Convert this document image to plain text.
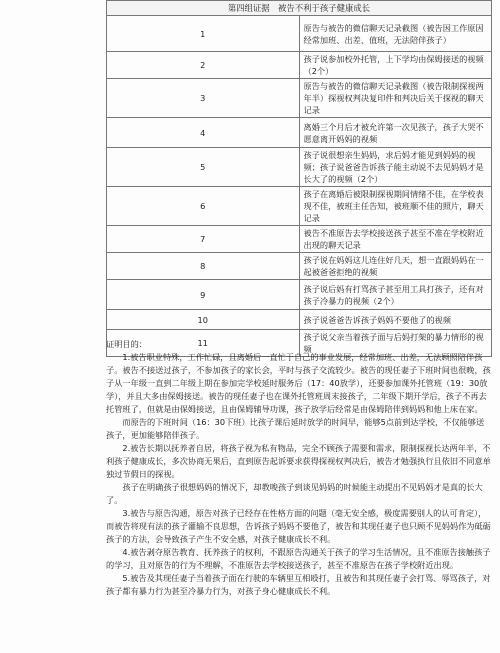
第四组证据　被告不利于孩子健康成长	
1	原告与被告的微信聊天记录截图（被告因工作原因经常加班、出差、值班，无法陪伴孩子）
2	孩子说参加校外托管，上下学均由保姆接送的视频（2个）
3	原告与被告的微信聊天记录截图（被告限制探视两年半）探视权判决复印件和判决后关于探视的聊天记录
4	离婚三个月后才被允许第一次见孩子，孩子大哭不愿意离开妈妈的视频
5	孩子说很想亲生妈妈，求后妈才能见到妈妈的视频；孩子说爸爸告诉孩子能主动说不去见妈妈才是长大了的视频（2个）
6	孩子在离婚后被限制探视期间情绪不佳，在学校表现不佳，被班主任告知，被班顺不佳的照片，聊天记录
7	被告不准原告去学校接送孩子甚至不准在学校附近出现的聊天记录
8	孩子说在妈妈这儿连住好几天，想一直跟妈妈在一起被爸爸拒绝的视频
9	孩子说后妈有打骂孩子甚至用工具打孩子，还有对孩子冷暴力的视频（2个）
10	孩子说爸爸告诉孩子妈妈不要他了的视频
11	孩子说父亲当着孩子面与后妈打架的暴力情形的视频

证明目的：

1.被告职业特殊，工作忙碌，且离婚后一直忙于自己的事业发展，经常加班、出差，无法顾照陪伴孩子。被告不接送过孩子，不参加孩子的家长会，平时与孩子交流较少。被告的现任妻子下班时间也很晚，孩子从一年级一直到二年级上期在参加完学校延时服务后（17：40放学），还要参加课外托管班（19：30放学），并且大多由保姆接送。被告的现任妻子也在课外托管班周末接孩子，二年级下期开学后，孩子不再去托管班了，但就是由保姆接送，且由保姆辅导功课，孩子放学后经常是由保姆陪伴到妈妈和他上床在家。

而原告的下班时间（16：30下班）比孩子课后延时放学的时间早，能够5点前到达学校，不仅能够送孩子，更加能够陪伴孩子。

2.被告长期以抚养者自居，将孩子视为私有物品，完全不顾孩子需要和需求，限制探视长达两年半，不利孩子健康成长，多次协商无果后，直到原告起诉要求获得探视权判决后，被告才勉强执行且依旧不同意单独过节假日的探视。

孩子在明确孩子很想妈妈的情况下，却教唆孩子到谈见妈妈的时候能主动提出不见妈妈才是真的长大了。

3.被告与原告沟通，原告对孩子已经存在性格方面的问题（毫无安全感，极度需要别人的认可肯定），而被告将现有法的孩子灌输不良思想，告诉孩子妈妈不要他了，被告和其现任妻子也只顾不见妈妈作为砥砺孩子的方法，会导致孩子产生不安全感，对孩子健康成长不利。

4.被告剥夺原告教育、抚养孩子的权利，不跟原告沟通关于孩子的学习生活情况，且不准原告接触孩子的学习，且对原告的行为不理解，不准原告去学校接送孩子，甚至不准原告在孩子学校附近出现。

5.被告及其现任妻子当着孩子面在行驶的车辆里互相殴打，且被告和其现任妻子会打骂、辱骂孩子，对孩子都有暴力行为甚至冷暴力行为，对孩子身心健康成长不利。
